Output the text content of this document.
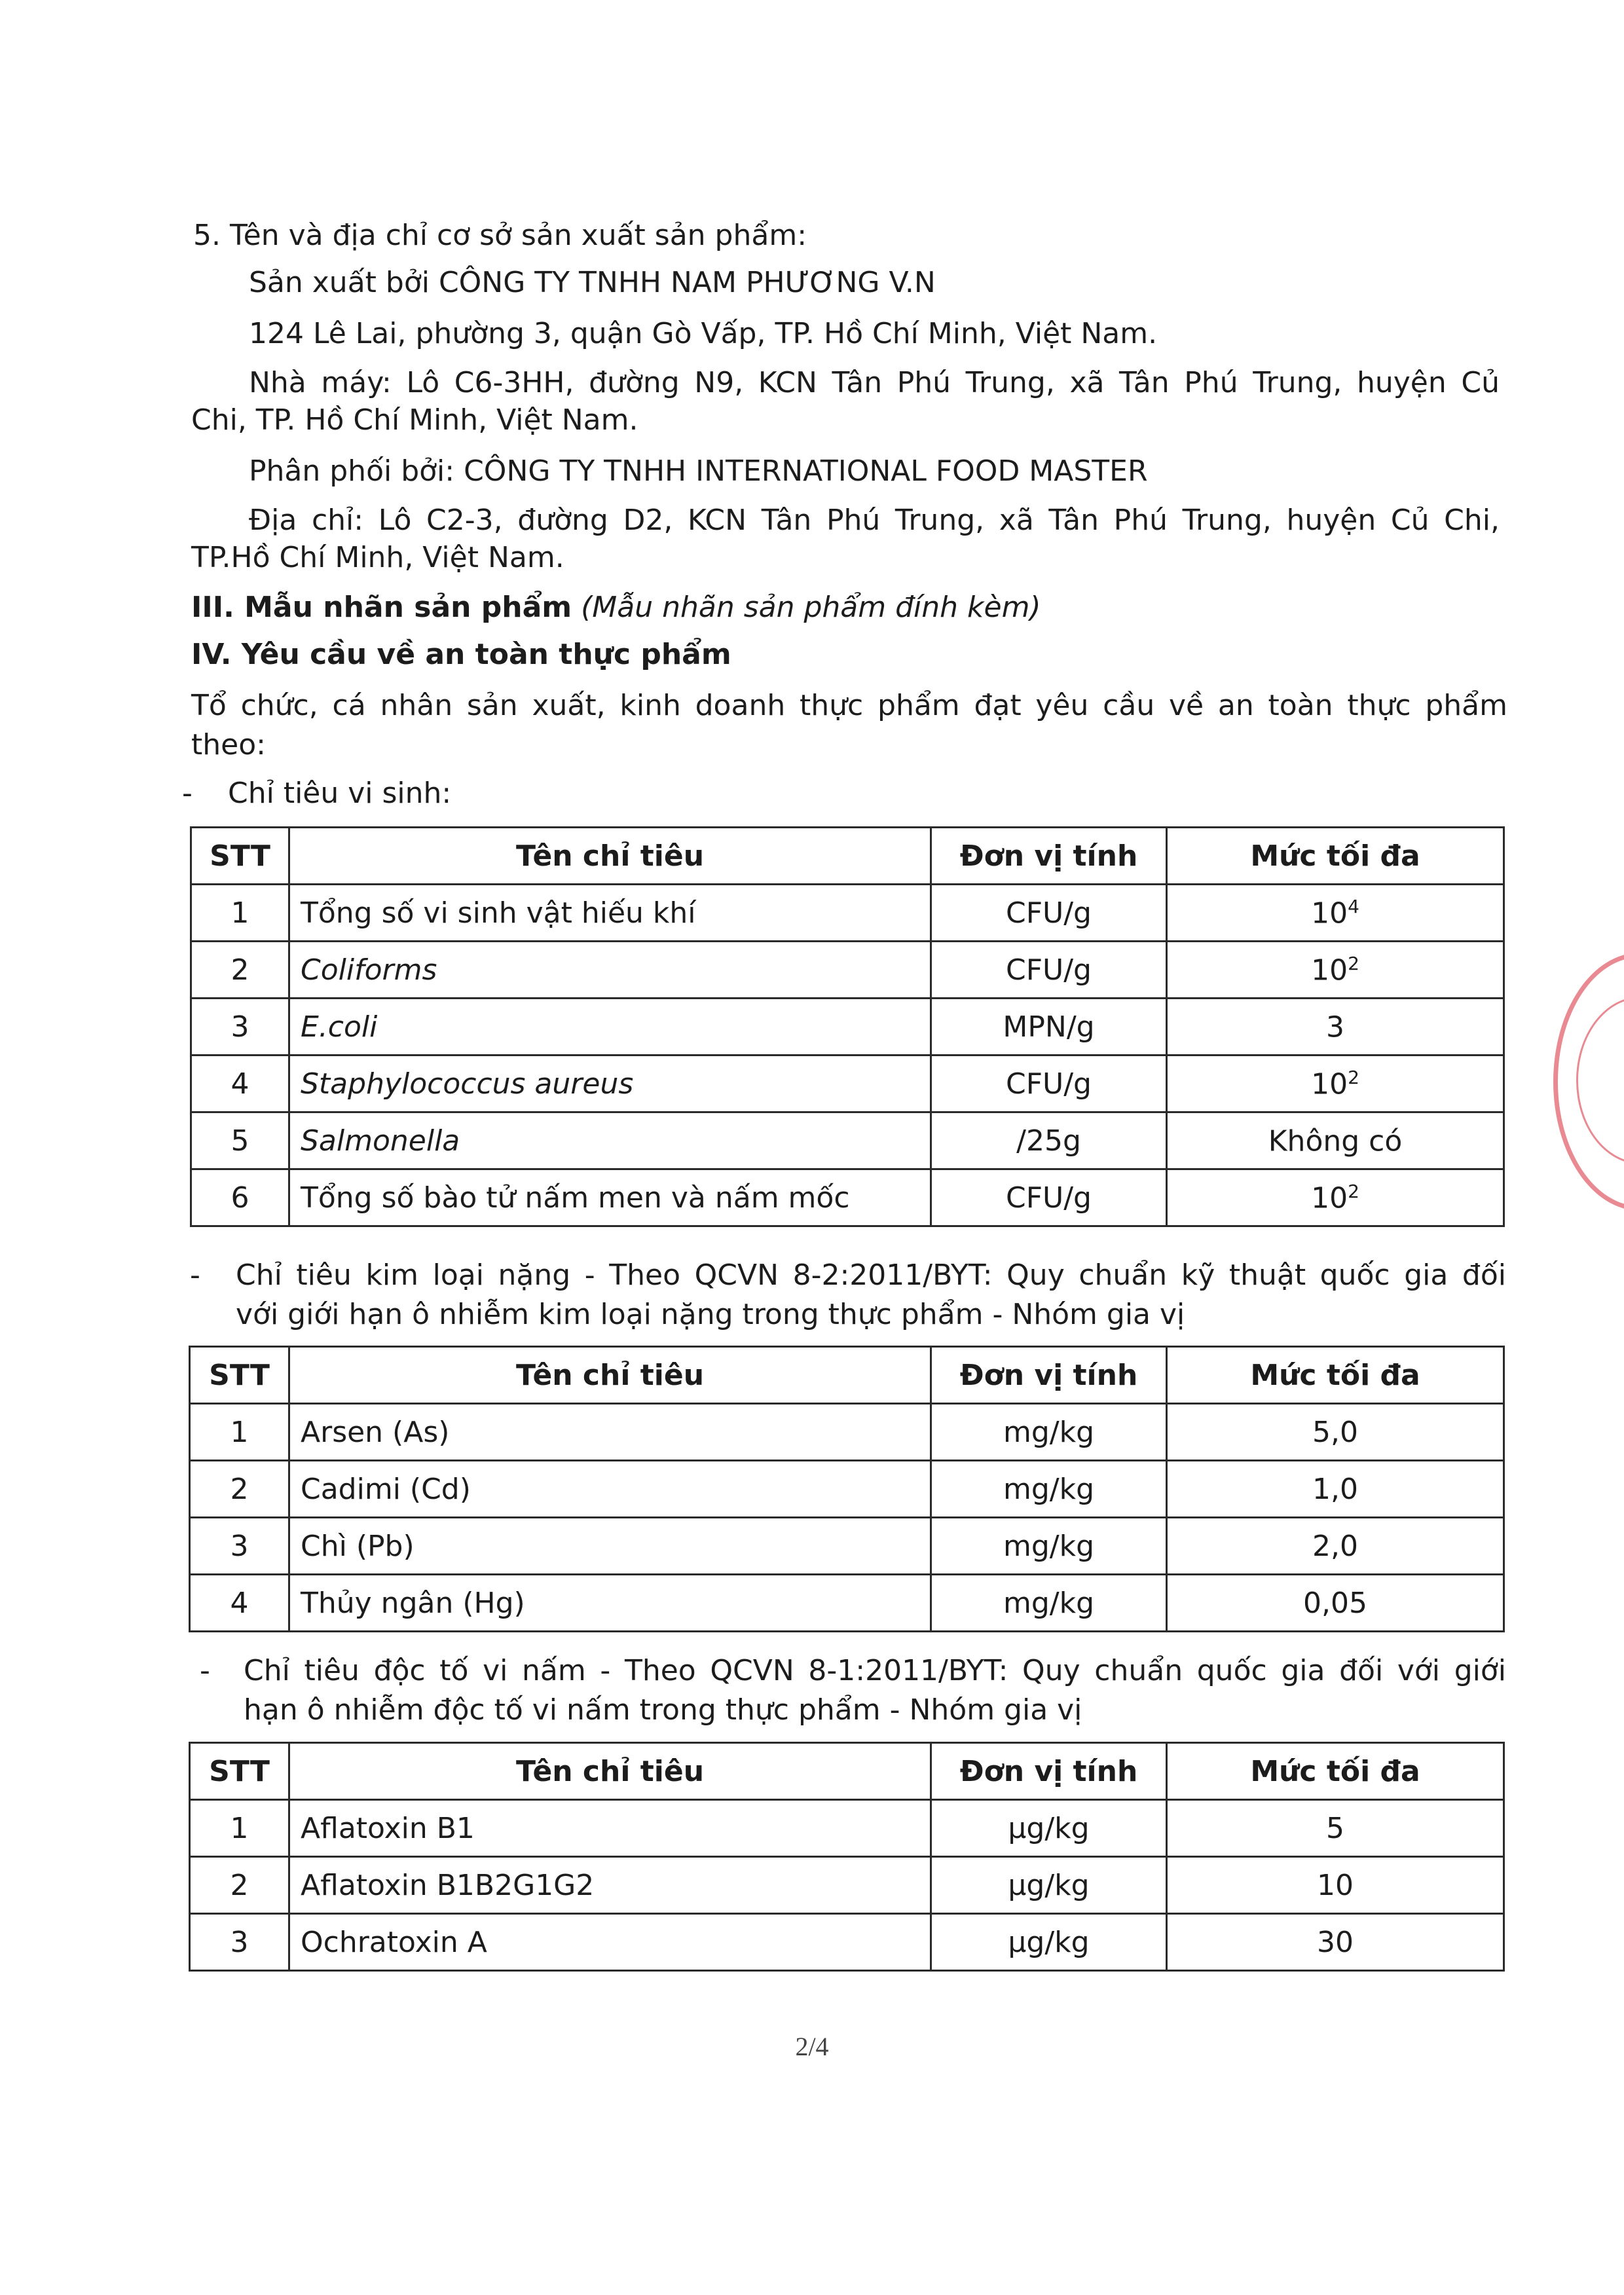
5. Tên và địa chỉ cơ sở sản xuất sản phẩm:
Sản xuất bởi CÔNG TY TNHH NAM PHƯƠNG V.N
124 Lê Lai, phường 3, quận Gò Vấp, TP. Hồ Chí Minh, Việt Nam.
Nhà máy: Lô C6-3HH, đường N9, KCN Tân Phú Trung, xã Tân Phú Trung, huyện Củ
Chi, TP. Hồ Chí Minh, Việt Nam.
Phân phối bởi: CÔNG TY TNHH INTERNATIONAL FOOD MASTER
Địa chỉ: Lô C2-3, đường D2, KCN Tân Phú Trung, xã Tân Phú Trung, huyện Củ Chi,
TP.Hồ Chí Minh, Việt Nam.
III. Mẫu nhãn sản phẩm (Mẫu nhãn sản phẩm đính kèm)
IV. Yêu cầu về an toàn thực phẩm
Tổ chức, cá nhân sản xuất, kinh doanh thực phẩm đạt yêu cầu về an toàn thực phẩm
theo:
- Chỉ tiêu vi sinh:
STT	Tên chỉ tiêu	Đơn vị tính	Mức tối đa
1	Tổng số vi sinh vật hiếu khí	CFU/g	$10^4$
2	Coliforms	CFU/g	$10^2$
3	E.coli	MPN/g	3
4	Staphylococcus aureus	CFU/g	$10^2$
5	Salmonella	/25g	Không có
6	Tổng số bào tử nấm men và nấm mốc	CFU/g	$10^2$
- Chỉ tiêu kim loại nặng - Theo QCVN 8-2:2011/BYT: Quy chuẩn kỹ thuật quốc gia đối
với giới hạn ô nhiễm kim loại nặng trong thực phẩm - Nhóm gia vị
STT	Tên chỉ tiêu	Đơn vị tính	Mức tối đa
1	Arsen (As)	mg/kg	5,0
2	Cadimi (Cd)	mg/kg	1,0
3	Chì (Pb)	mg/kg	2,0
4	Thủy ngân (Hg)	mg/kg	0,05
- Chỉ tiêu độc tố vi nấm - Theo QCVN 8-1:2011/BYT: Quy chuẩn quốc gia đối với giới
hạn ô nhiễm độc tố vi nấm trong thực phẩm - Nhóm gia vị
STT	Tên chỉ tiêu	Đơn vị tính	Mức tối đa
1	Aflatoxin B1	µg/kg	5
2	Aflatoxin B1B2G1G2	µg/kg	10
3	Ochratoxin A	µg/kg	30
2/4
